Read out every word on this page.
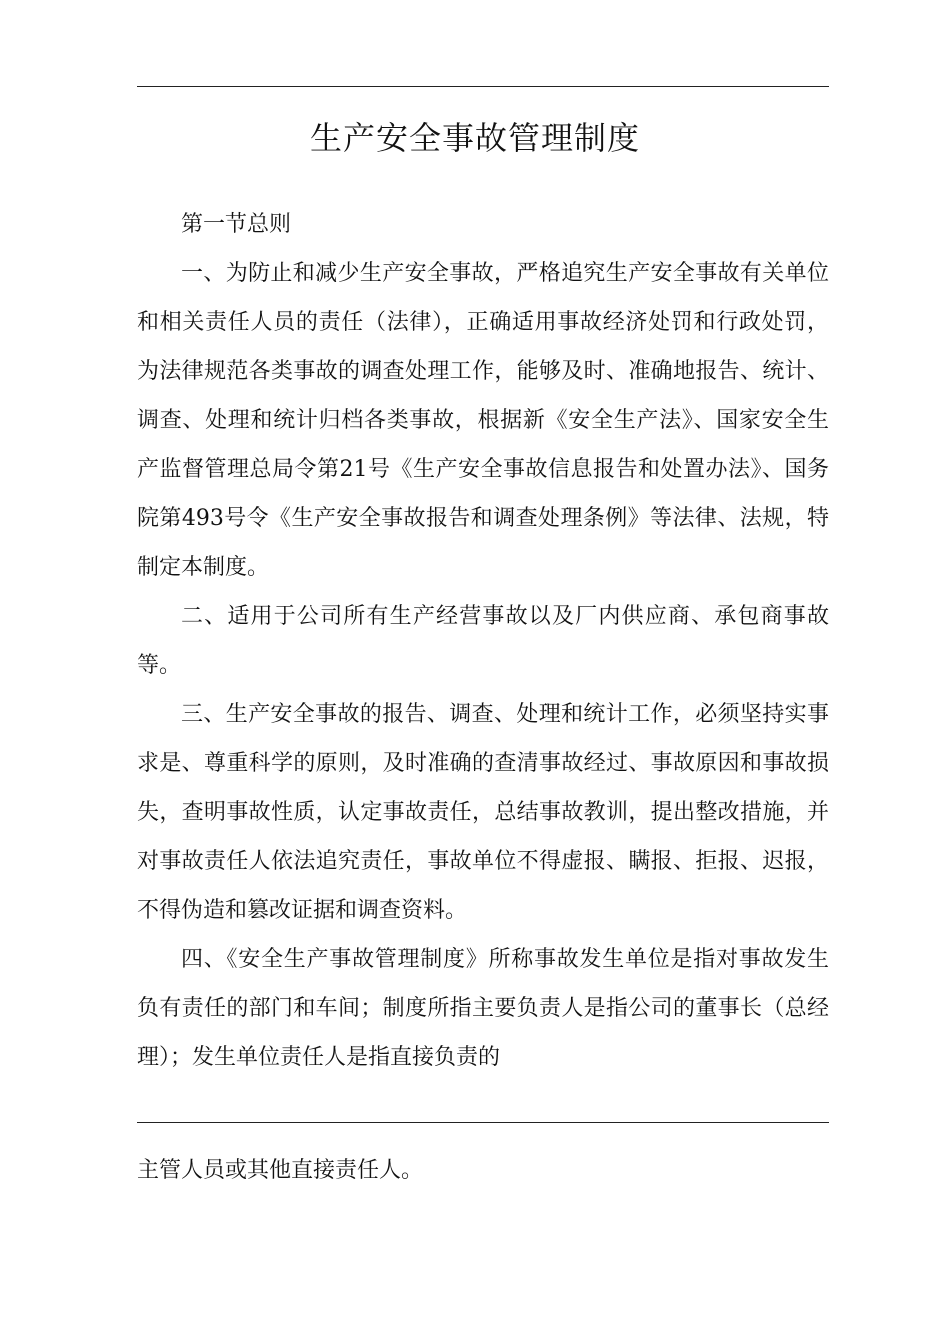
生产安全事故管理制度

第一节总则

一、为防止和减少生产安全事故，严格追究生产安全事故有关单位和相关责任人员的责任（法律），正确适用事故经济处罚和行政处罚，为法律规范各类事故的调查处理工作，能够及时、准确地报告、统计、调查、处理和统计归档各类事故，根据新《安全生产法》、国家安全生产监督管理总局令第21号《生产安全事故信息报告和处置办法》、国务院第493号令《生产安全事故报告和调查处理条例》等法律、法规，特制定本制度。

二、适用于公司所有生产经营事故以及厂内供应商、承包商事故等。

三、生产安全事故的报告、调查、处理和统计工作，必须坚持实事求是、尊重科学的原则，及时准确的查清事故经过、事故原因和事故损失，查明事故性质，认定事故责任，总结事故教训，提出整改措施，并对事故责任人依法追究责任，事故单位不得虚报、瞒报、拒报、迟报，不得伪造和篡改证据和调查资料。

四、《安全生产事故管理制度》所称事故发生单位是指对事故发生负有责任的部门和车间；制度所指主要负责人是指公司的董事长（总经理）；发生单位责任人是指直接负责的

主管人员或其他直接责任人。
